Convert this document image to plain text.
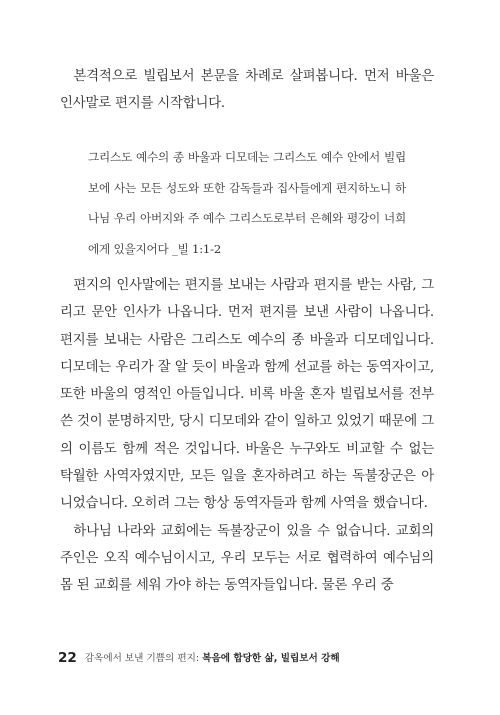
본격적으로 빌립보서 본문을 차례로 살펴봅니다. 먼저 바울은 인사말로 편지를 시작합니다.

그리스도 예수의 종 바울과 디모데는 그리스도 예수 안에서 빌립보에 사는 모든 성도와 또한 감독들과 집사들에게 편지하노니 하나님 우리 아버지와 주 예수 그리스도로부터 은혜와 평강이 너희에게 있을지어다 _빌 1:1-2

편지의 인사말에는 편지를 보내는 사람과 편지를 받는 사람, 그리고 문안 인사가 나옵니다. 먼저 편지를 보낸 사람이 나옵니다. 편지를 보내는 사람은 그리스도 예수의 종 바울과 디모데입니다. 디모데는 우리가 잘 알 듯이 바울과 함께 선교를 하는 동역자이고, 또한 바울의 영적인 아들입니다. 비록 바울 혼자 빌립보서를 전부 쓴 것이 분명하지만, 당시 디모데와 같이 일하고 있었기 때문에 그의 이름도 함께 적은 것입니다. 바울은 누구와도 비교할 수 없는 탁월한 사역자였지만, 모든 일을 혼자하려고 하는 독불장군은 아니었습니다. 오히려 그는 항상 동역자들과 함께 사역을 했습니다.

하나님 나라와 교회에는 독불장군이 있을 수 없습니다. 교회의 주인은 오직 예수님이시고, 우리 모두는 서로 협력하여 예수님의 몸 된 교회를 세워 가야 하는 동역자들입니다. 물론 우리 중

22 감옥에서 보낸 기쁨의 편지: 복음에 합당한 삶, 빌립보서 강해
